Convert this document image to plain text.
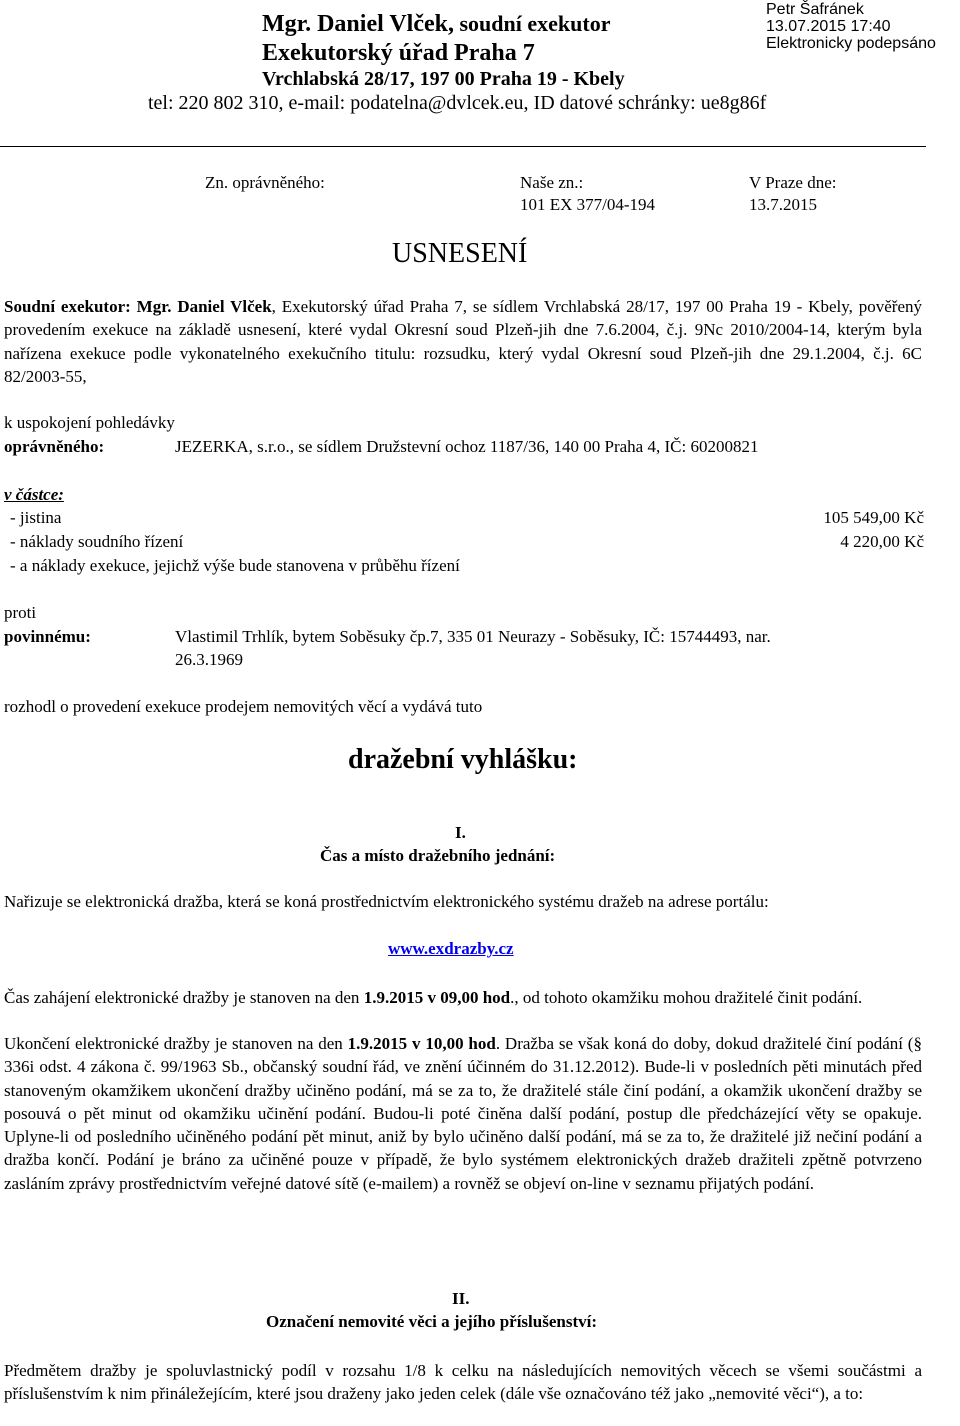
Mgr. Daniel Vlček, soudní exekutor
Exekutorský úřad Praha 7
Vrchlabská 28/17, 197 00 Praha 19 - Kbely
tel: 220 802 310, e-mail: podatelna@dvlcek.eu, ID datové schránky: ue8g86f
Petr Šafránek
13.07.2015 17:40
Elektronicky podepsáno
Zn. oprávněného:	Naše zn.:
101 EX 377/04-194
V Praze dne:
13.7.2015
USNESENÍ
Soudní exekutor: Mgr. Daniel Vlček, Exekutorský úřad Praha 7, se sídlem Vrchlabská 28/17, 197 00 Praha 19 - Kbely, pověřený provedením exekuce na základě usnesení, které vydal Okresní soud Plzeň-jih dne 7.6.2004, č.j. 9Nc 2010/2004-14, kterým byla nařízena exekuce podle vykonatelného exekučního titulu: rozsudku, který vydal Okresní soud Plzeň-jih dne 29.1.2004, č.j. 6C 82/2003-55,
k uspokojení pohledávky
oprávněného:	JEZERKA, s.r.o., se sídlem Družstevní ochoz 1187/36, 140 00 Praha 4, IČ: 60200821
v částce:
- jistina	105 549,00 Kč
- náklady soudního řízení	4 220,00 Kč
- a náklady exekuce, jejichž výše bude stanovena v průběhu řízení
proti
povinnému:	Vlastimil Trhlík, bytem Soběsuky čp.7, 335 01 Neurazy - Soběsuky, IČ: 15744493, nar.
26.3.1969
rozhodl o provedení exekuce prodejem nemovitých věcí a vydává tuto
dražební vyhlášku:
I.
Čas a místo dražebního jednání:
Nařizuje se elektronická dražba, která se koná prostřednictvím elektronického systému dražeb na adrese portálu:
www.exdrazby.cz
Čas zahájení elektronické dražby je stanoven na den 1.9.2015 v 09,00 hod., od tohoto okamžiku mohou dražitelé činit podání.
Ukončení elektronické dražby je stanoven na den 1.9.2015 v 10,00 hod. Dražba se však koná do doby, dokud dražitelé činí podání (§ 336i odst. 4 zákona č. 99/1963 Sb., občanský soudní řád, ve znění účinném do 31.12.2012). Bude-li v posledních pěti minutách před stanoveným okamžikem ukončení dražby učiněno podání, má se za to, že dražitelé stále činí podání, a okamžik ukončení dražby se posouvá o pět minut od okamžiku učinění podání. Budou-li poté činěna další podání, postup dle předcházející věty se opakuje. Uplyne-li od posledního učiněného podání pět minut, aniž by bylo učiněno další podání, má se za to, že dražitelé již nečiní podání a dražba končí. Podání je bráno za učiněné pouze v případě, že bylo systémem elektronických dražeb dražiteli zpětně potvrzeno zasláním zprávy prostřednictvím veřejné datové sítě (e-mailem) a rovněž se objeví on-line v seznamu přijatých podání.
II.
Označení nemovité věci a jejího příslušenství:
Předmětem dražby je spoluvlastnický podíl v rozsahu 1/8 k celku na následujících nemovitých věcech se všemi součástmi a příslušenstvím k nim přináležejícím, které jsou draženy jako jeden celek (dále vše označováno též jako „nemovité věci“), a to:
